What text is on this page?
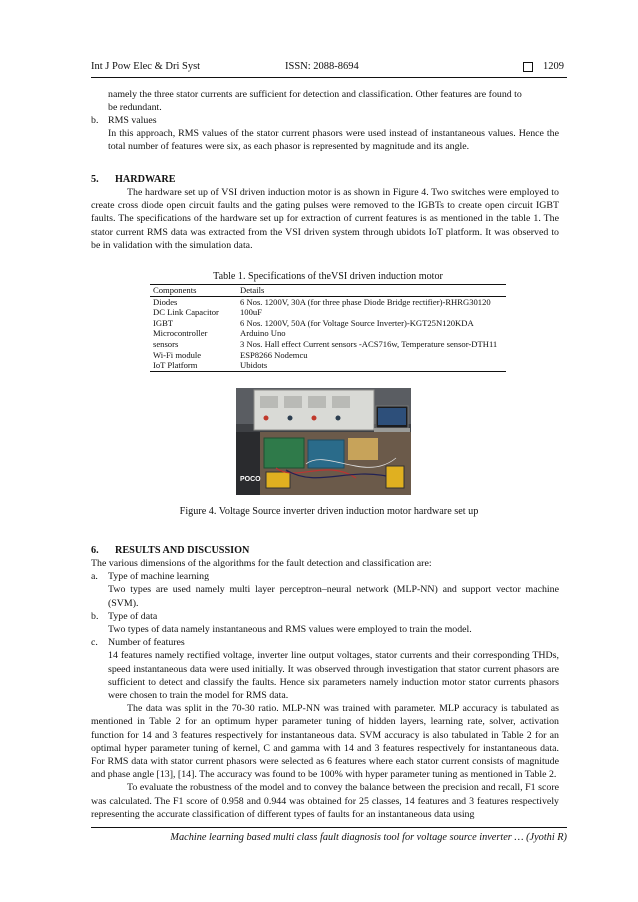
Int J Pow Elec & Dri Syst	ISSN: 2088-8694	1209

namely the three stator currents are sufficient for detection and classification. Other features are found to

be redundant.

b. RMS values

In this approach, RMS values of the stator current phasors were used instead of instantaneous values. Hence the total number of features were six, as each phasor is represented by magnitude and its angle.

5. HARDWARE

The hardware set up of VSI driven induction motor is as shown in Figure 4. Two switches were employed to create cross diode open circuit faults and the gating pulses were removed to the IGBTs to create open circuit IGBT faults. The specifications of the hardware set up for extraction of current features is as mentioned in the table 1. The stator current RMS data was extracted from the VSI driven system through ubidots IoT platform. It was observed to be in validation with the simulation data.

Table 1. Specifications of theVSI driven induction motor
Components	Details
Diodes	6 Nos. 1200V, 30A (for three phase Diode Bridge rectifier)-RHRG30120
DC Link Capacitor	100uF
IGBT	6 Nos. 1200V, 50A (for Voltage Source Inverter)-KGT25N120KDA
Microcontroller	Arduino Uno
sensors	3 Nos. Hall effect Current sensors -ACS716w, Temperature sensor-DTH11
Wi-Fi module	ESP8266 Nodemcu
IoT Platform	Ubidots
POCO
Figure 4. Voltage Source inverter driven induction motor hardware set up
6. RESULTS AND DISCUSSION

The various dimensions of the algorithms for the fault detection and classification are:

a. Type of machine learning

Two types are used namely multi layer perceptron–neural network (MLP-NN) and support vector machine (SVM).

b. Type of data

Two types of data namely instantaneous and RMS values were employed to train the model.

c. Number of features

14 features namely rectified voltage, inverter line output voltages, stator currents and their corresponding THDs, speed instantaneous data were used initially. It was observed through investigation that stator current phasors are sufficient to detect and classify the faults. Hence six parameters namely induction motor stator currents phasors were chosen to train the model for RMS data.

The data was split in the 70-30 ratio. MLP-NN was trained with parameter. MLP accuracy is tabulated as mentioned in Table 2 for an optimum hyper parameter tuning of hidden layers, learning rate, solver, activation function for 14 and 3 features respectively for instantaneous data. SVM accuracy is also tabulated in Table 2 for an optimal hyper parameter tuning of kernel, C and gamma with 14 and 3 features respectively for instantaneous data. For RMS data with stator current phasors were selected as 6 features where each stator current consists of magnitude and phase angle [13], [14]. The accuracy was found to be 100% with hyper parameter tuning as mentioned in Table 2.

To evaluate the robustness of the model and to convey the balance between the precision and recall, F1 score was calculated. The F1 score of 0.958 and 0.944 was obtained for 25 classes, 14 features and 3 features respectively representing the accurate classification of different types of faults for an instantaneous data using

Machine learning based multi class fault diagnosis tool for voltage source inverter … (Jyothi R)
